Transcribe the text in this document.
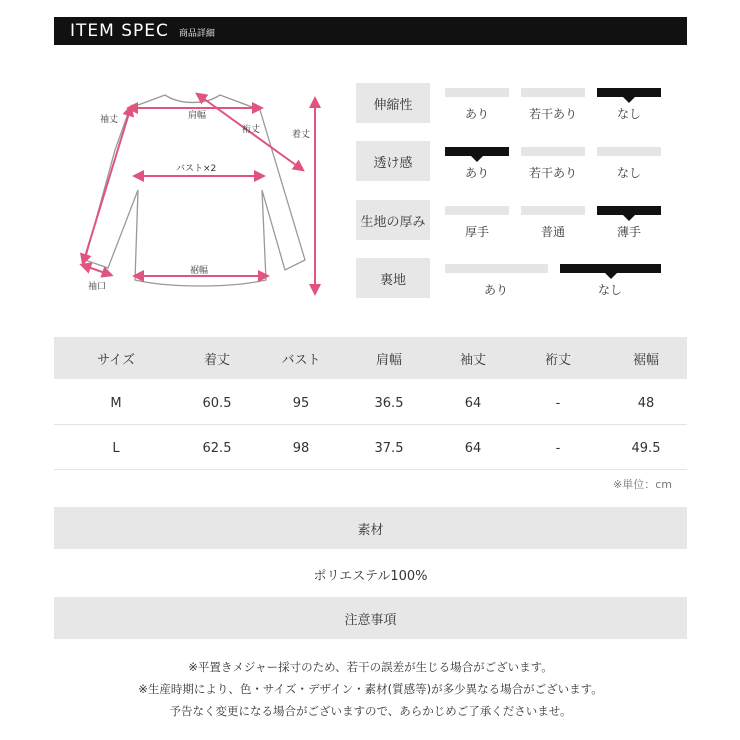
ITEM SPEC 商品詳細
袖丈	肩幅
裄丈	着丈
バスト×2
裾幅
袖口
伸縮性
あり	若干あり	なし
透け感
あり	若干あり	なし
生地の厚み
厚手	普通	薄手
裏地
あり	なし
サイズ	着丈	バスト	肩幅	袖丈	裄丈	裾幅
M	60.5	95	36.5	64	-	48
L	62.5	98	37.5	64	-	49.5
※単位：cm
素材
ポリエステル100%
注意事項
※平置きメジャー採寸のため、若干の誤差が生じる場合がございます。
※生産時期により、色・サイズ・デザイン・素材(質感等)が多少異なる場合がございます。
予告なく変更になる場合がございますので、あらかじめご了承くださいませ。
